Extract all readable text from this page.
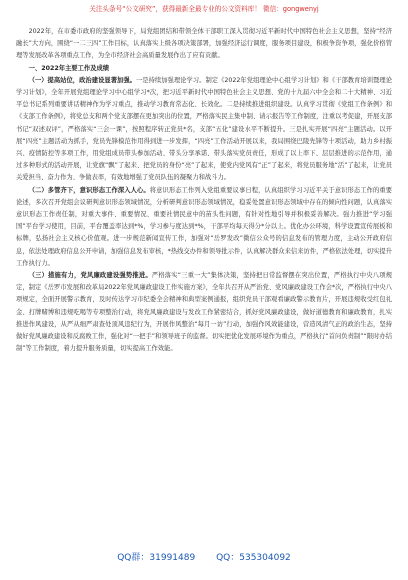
关注头条号“公文研究”，获得最新全最专业的公文资料库！ 微信：gongwenyj

2022年，在市委市政府的坚强领导下，局党组团结和带领全体干部职工深入贯彻习近平新时代中国特色社会主义思想，坚持“经济融长”大方向，围绕“一二三四”工作目标，认真落实上级各项决策部署，加强经济运行调度，服务项目建设，积极争资争项，强化价格管理等发展改革各项重点工作，为全市经济社会高质量发展作出了应有贡献。

一、2022年主要工作及成绩

（一）提高站位，政治建设显著加强。一是持续加强理论学习。制定《2022年党组理论中心组学习计划》和《干部教育培训暨理论学习计划》，全年开展党组理论学习中心组学习*次，把习近平新时代中国特色社会主义思想、党的十九届六中全会和二十大精神、习近平总书记系列重要讲话精神作为学习重点，推动学习教育常态化、长效化。二是持续推进组织建设。认真学习贯彻《党组工作条例》和《支部工作条例》，将党总支和两个党支部摆在更加突出的位置，严格落实民主集中制、请示报告等工作制度，注重以考促建，开展支部书记“双述双评”，严格落实“三会一课”，按照程序转正党员*名，支部“五化”建设水平不断提升。三是扎实开展“四亮”主题活动。以开展“四亮”主题活动为抓手，党员先锋模范作用得到进一步发挥，“四亮”工作活动开展以来，我局围绕巴陵先锋等十项活动，助力乡村振兴、疫情防控等多项工作，用党组成员带头参加活动、带头分享承诺、带头落实党员责任，形成了以上率下、层层推进的示范作用，通过多种形式的活动开展，让党旗“飘”了起来、把党员的身份“亮”了起来，使党内党风有“正”了起来，将党员服务地“活”了起来，让党员关爱担当、奋力作为、争做表率，有效地增强了党员队伍的凝聚力和战斗力。

（二）多管齐下，意识形态工作深入人心。将意识形态工作列入党组重要议事日程，认真组织学习习近平关于意识形态工作的重要论述，多次召开党组会议研判意识形态领域情况，分析研判意识形态领域情况，稳妥处置意识形态领域中存在的倾向性问题，认真落实意识形态工作责任制，对重大事件、重要情况、重要社情民意中的苗头性问题，有针对性地引导并积极妥善解决。强力推进“学习强国”平台学习使用，目前，平台覆盖率达到*%，学习参与度达到*%，干部平均每天得分*分以上。优化办公环境，科学设置宣传展板和标牌，弘扬社会主义核心价值观。进一步规范新闻宣传工作，加强对“岳罗发改”微信公众号的信息发布的管理力度，主动公开政府信息，依法处理政府信息公开申请，加强信息发布审核，*热线交办件和领导批示件，认真解决群众来信来访件，严格依法处理，切实提升工作执行力。

（三）措施有力，党风廉政建设强势推进。严格落实“三重一大”集体决策，坚持把日常监督摆在突出位置，严格执行中央八项规定，制定《岳罗市发展和改革局2022年党风廉政建设工作实施方案》，全年共召开从严治党、党风廉政建设工作会*次，严格执行中央八项规定，全面开展警示教育，及时传达学习市纪委全会精神和典型案例通报，组织党员干部观看廉政警示教育片，开展违规收受红包礼金、打牌赌博和违规吃喝等专项整治行动，将党风廉政建设与发改工作紧密结合，抓好党风廉政建设，做好道德教育和廉政教育，扎实推进作风建设，从严从细严肃查处顶风违纪行为，开展作风整治“每月一访”行动，加强作风效能建设，营造风清气正的政治生态，坚持做好党风廉政建设和反腐败工作，强化对“一把手”和领导班子的监督。切实把优化发展环境作为重点，严格执行“首问负责制”“限时办结制”等工作制度，着力提升服务质量，切实提高工作效能。

QQ群：31991489 QQ：535304092
